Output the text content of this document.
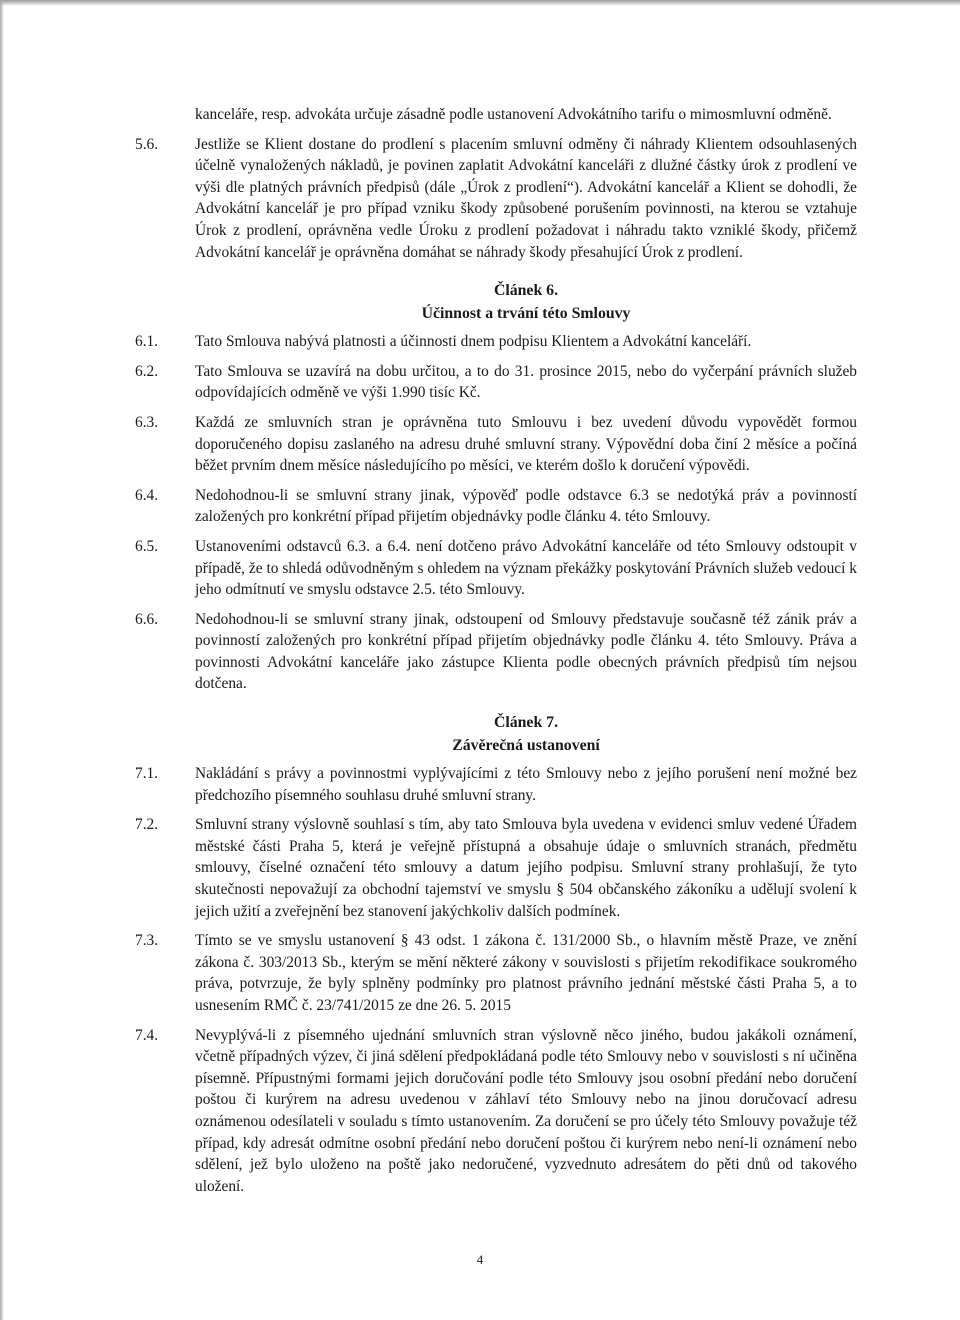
kanceláře, resp. advokáta určuje zásadně podle ustanovení Advokátního tarifu o mimosmluvní odměně.
5.6.	Jestliže se Klient dostane do prodlení s placením smluvní odměny či náhrady Klientem odsouhlasených účelně vynaložených nákladů, je povinen zaplatit Advokátní kanceláři z dlužné částky úrok z prodlení ve výši dle platných právních předpisů (dále „Úrok z prodlení“). Advokátní kancelář a Klient se dohodli, že Advokátní kancelář je pro případ vzniku škody způsobené porušením povinnosti, na kterou se vztahuje Úrok z prodlení, oprávněna vedle Úroku z prodlení požadovat i náhradu takto vzniklé škody, přičemž Advokátní kancelář je oprávněna domáhat se náhrady škody přesahující Úrok z prodlení.
Článek 6.
Účinnost a trvání této Smlouvy
6.1.	Tato Smlouva nabývá platnosti a účinnosti dnem podpisu Klientem a Advokátní kanceláří.
6.2.	Tato Smlouva se uzavírá na dobu určitou, a to do 31. prosince 2015, nebo do vyčerpání právních služeb odpovídajících odměně ve výši 1.990 tisíc Kč.
6.3.	Každá ze smluvních stran je oprávněna tuto Smlouvu i bez uvedení důvodu vypovědět formou doporučeného dopisu zaslaného na adresu druhé smluvní strany. Výpovědní doba činí 2 měsíce a počíná běžet prvním dnem měsíce následujícího po měsíci, ve kterém došlo k doručení výpovědi.
6.4.	Nedohodnou-li se smluvní strany jinak, výpověď podle odstavce 6.3 se nedotýká práv a povinností založených pro konkrétní případ přijetím objednávky podle článku 4. této Smlouvy.
6.5.	Ustanoveními odstavců 6.3. a 6.4. není dotčeno právo Advokátní kanceláře od této Smlouvy odstoupit v případě, že to shledá odůvodněným s ohledem na význam překážky poskytování Právních služeb vedoucí k jeho odmítnutí ve smyslu odstavce 2.5. této Smlouvy.
6.6.	Nedohodnou-li se smluvní strany jinak, odstoupení od Smlouvy představuje současně též zánik práv a povinností založených pro konkrétní případ přijetím objednávky podle článku 4. této Smlouvy. Práva a povinnosti Advokátní kanceláře jako zástupce Klienta podle obecných právních předpisů tím nejsou dotčena.
Článek 7.
Závěrečná ustanovení
7.1.	Nakládání s právy a povinnostmi vyplývajícími z této Smlouvy nebo z jejího porušení není možné bez předchozího písemného souhlasu druhé smluvní strany.
7.2.	Smluvní strany výslovně souhlasí s tím, aby tato Smlouva byla uvedena v evidenci smluv vedené Úřadem městské části Praha 5, která je veřejně přístupná a obsahuje údaje o smluvních stranách, předmětu smlouvy, číselné označení této smlouvy a datum jejího podpisu. Smluvní strany prohlašují, že tyto skutečnosti nepovažují za obchodní tajemství ve smyslu § 504 občanského zákoníku a udělují svolení k jejich užití a zveřejnění bez stanovení jakýchkoliv dalších podmínek.
7.3.	Tímto se ve smyslu ustanovení § 43 odst. 1 zákona č. 131/2000 Sb., o hlavním městě Praze, ve znění zákona č. 303/2013 Sb., kterým se mění některé zákony v souvislosti s přijetím rekodifikace soukromého práva, potvrzuje, že byly splněny podmínky pro platnost právního jednání městské části Praha 5, a to usnesením RMČ č. 23/741/2015 ze dne 26. 5. 2015
7.4.	Nevyplývá-li z písemného ujednání smluvních stran výslovně něco jiného, budou jakákoli oznámení, včetně případných výzev, či jiná sdělení předpokládaná podle této Smlouvy nebo v souvislosti s ní učiněna písemně. Přípustnými formami jejich doručování podle této Smlouvy jsou osobní předání nebo doručení poštou či kurýrem na adresu uvedenou v záhlaví této Smlouvy nebo na jinou doručovací adresu oznámenou odesílateli v souladu s tímto ustanovením. Za doručení se pro účely této Smlouvy považuje též případ, kdy adresát odmítne osobní předání nebo doručení poštou či kurýrem nebo není-li oznámení nebo sdělení, jež bylo uloženo na poště jako nedoručené, vyzvednuto adresátem do pěti dnů od takového uložení.
4
